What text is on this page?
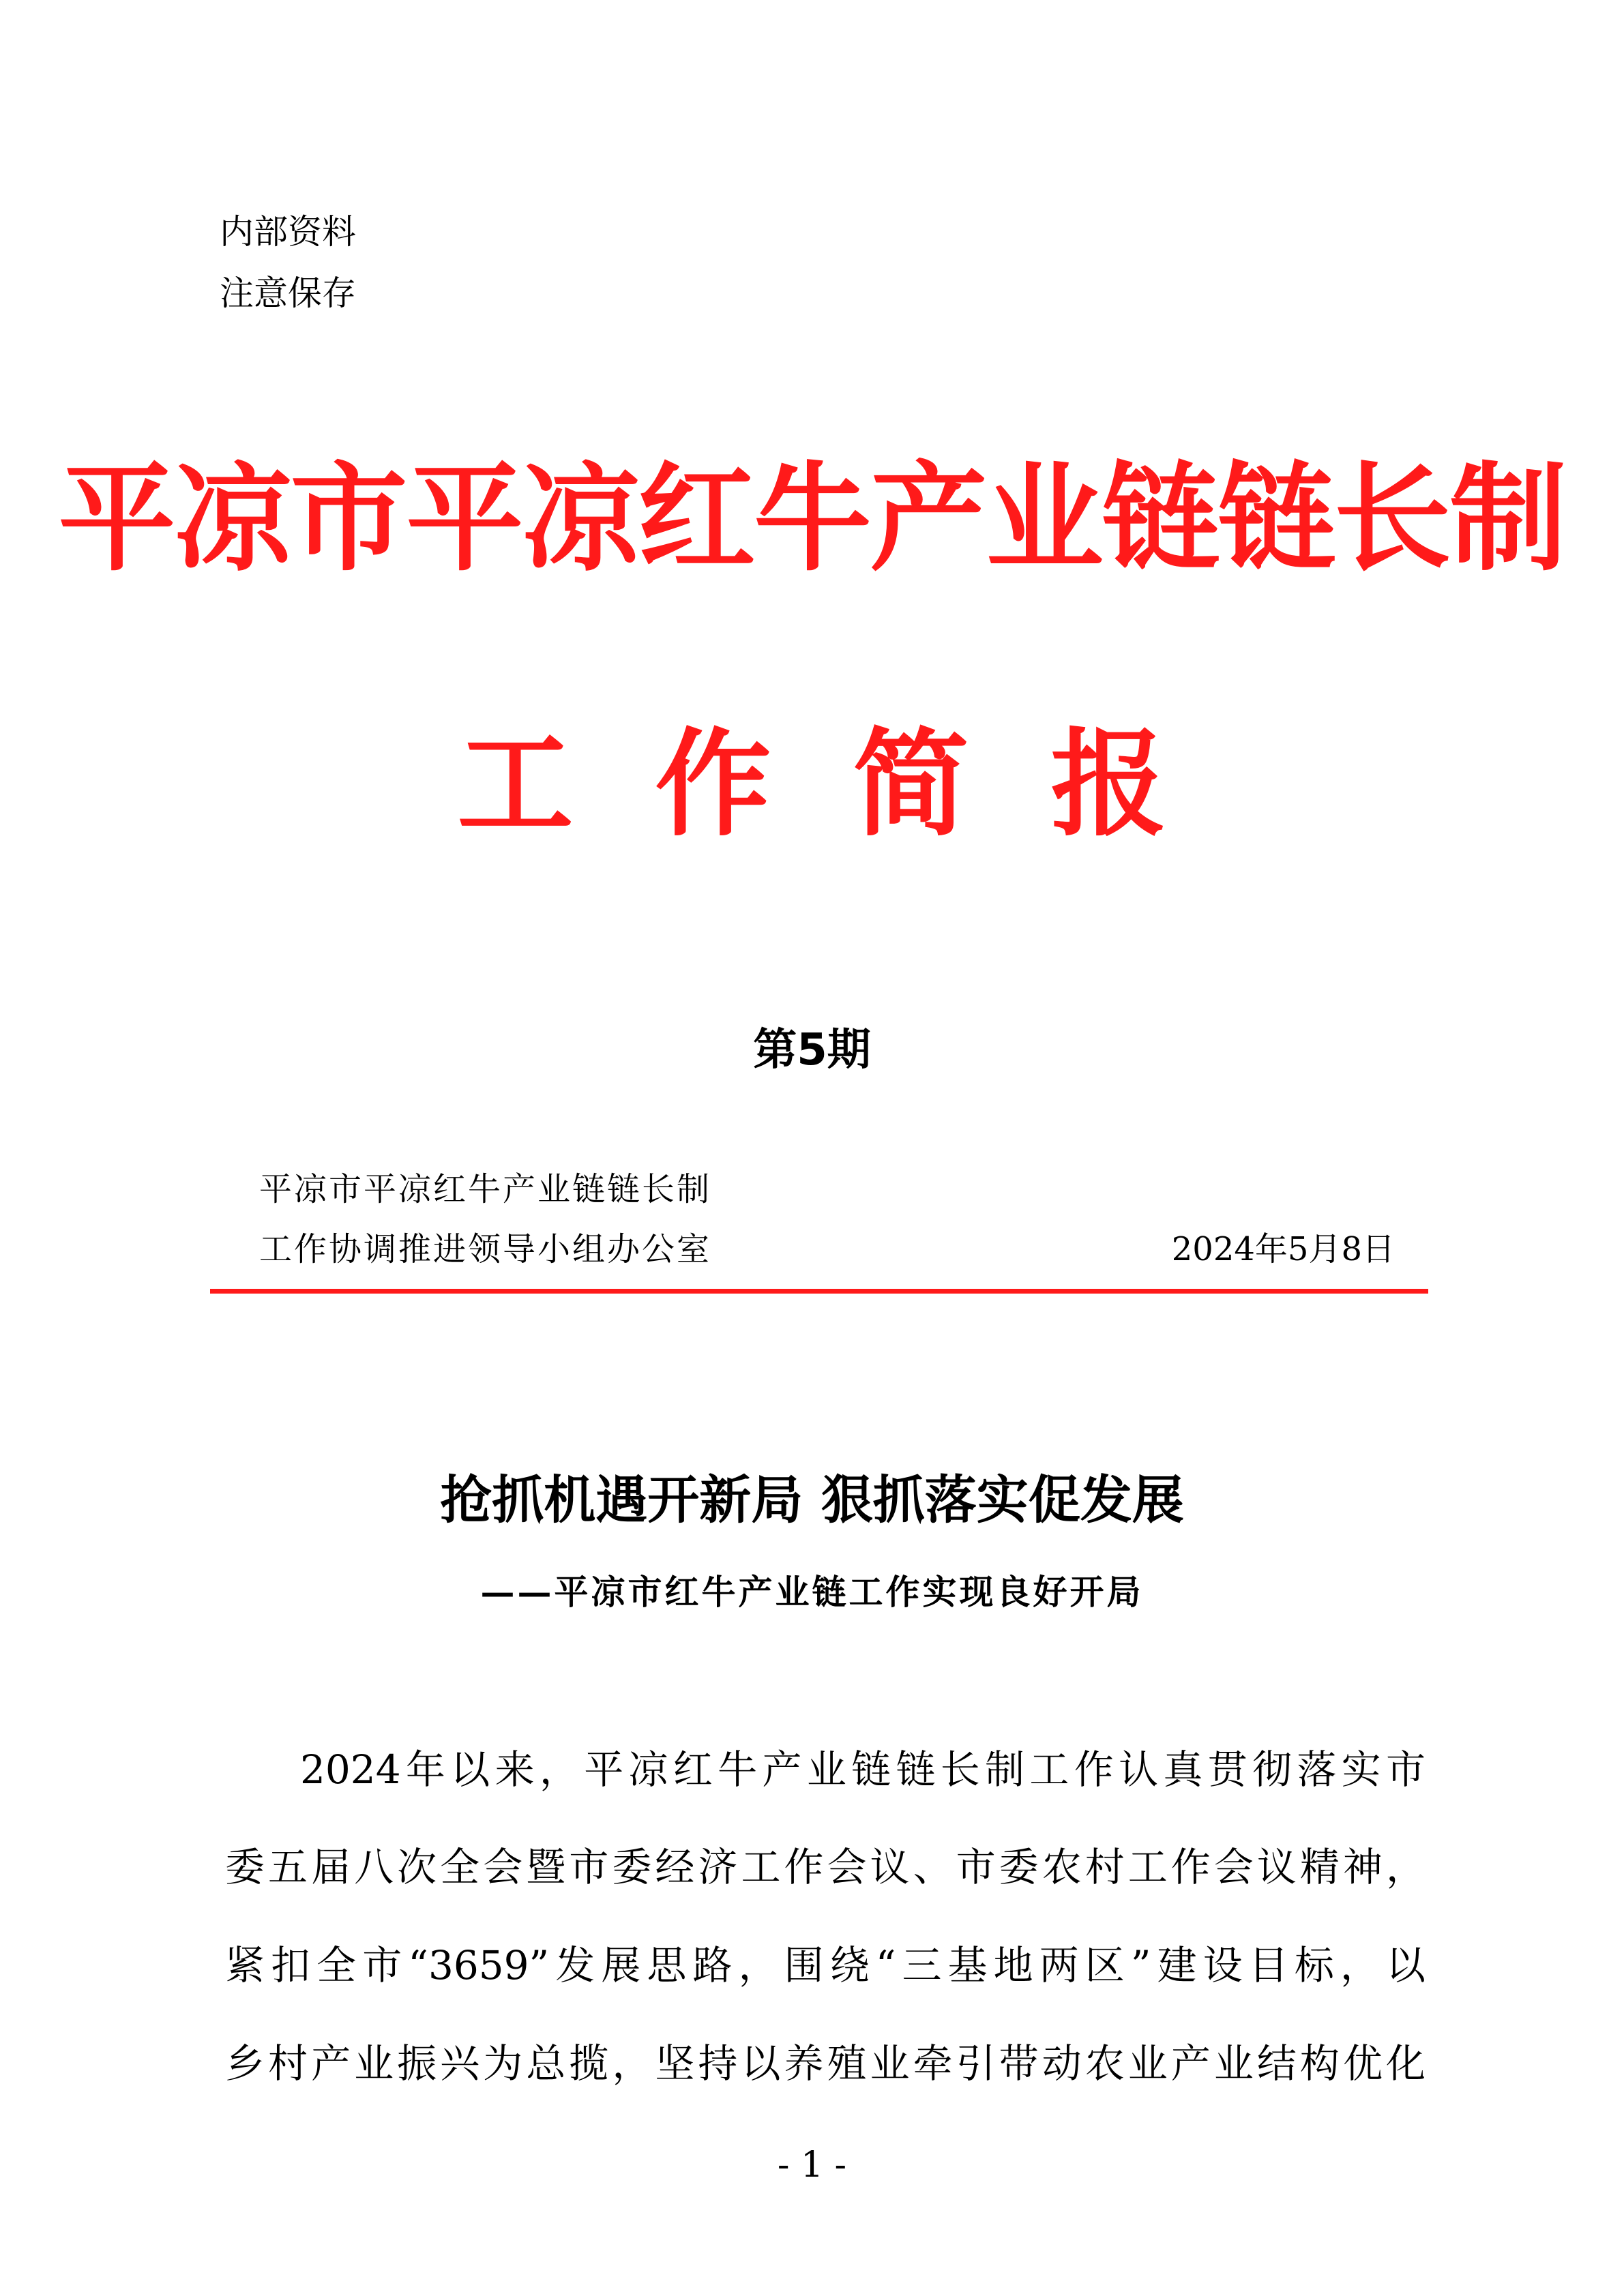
内部资料
注意保存
平凉市平凉红牛产业链链长制
工作简报
第5期
平凉市平凉红牛产业链链长制
工作协调推进领导小组办公室	2024年5月8日
抢抓机遇开新局 狠抓落实促发展
——平凉市红牛产业链工作实现良好开局
2024年以来，平凉红牛产业链链长制工作认真贯彻落实市
委五届八次全会暨市委经济工作会议、市委农村工作会议精神，
紧扣全市“3659”发展思路，围绕“三基地两区”建设目标，以
乡村产业振兴为总揽，坚持以养殖业牵引带动农业产业结构优化
- 1 -
